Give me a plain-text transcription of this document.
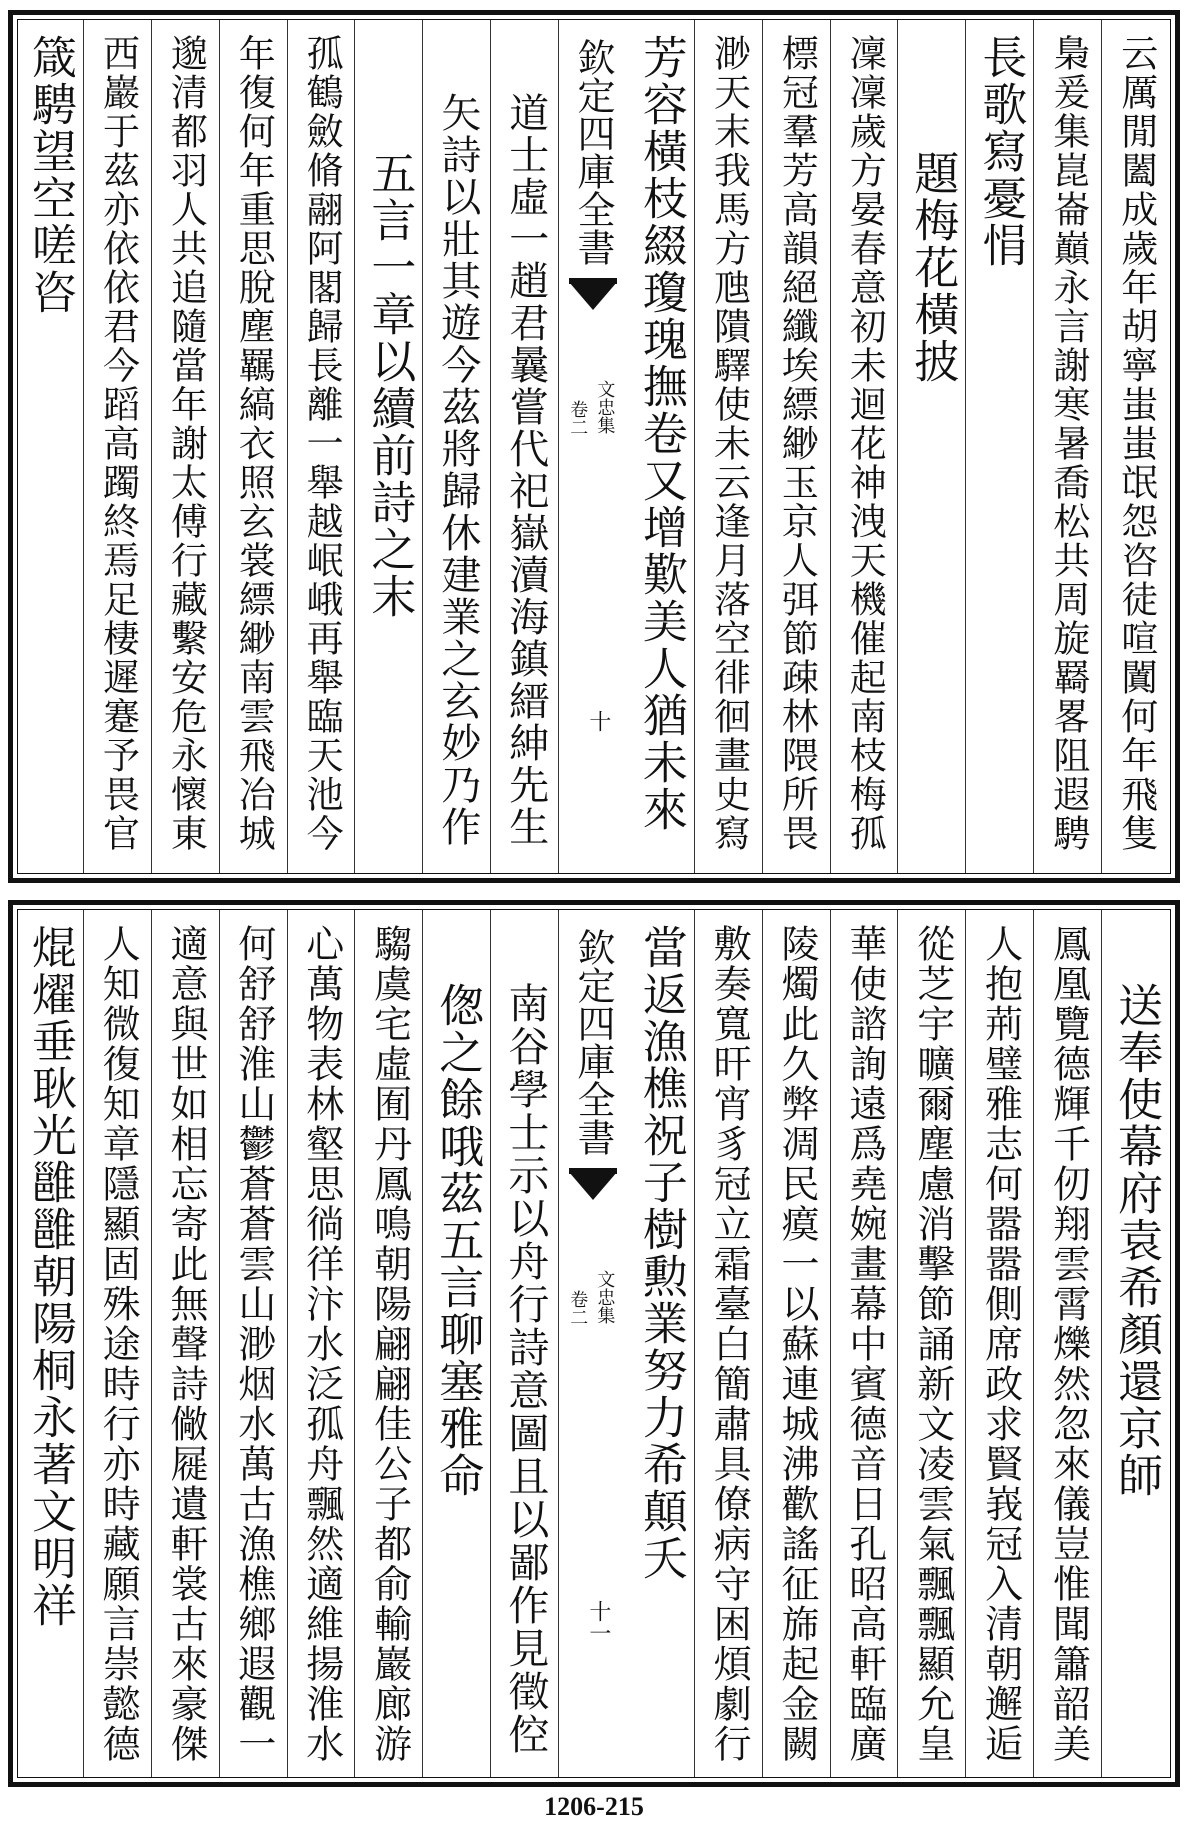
云厲閒闔成歲年胡寧蚩蚩氓怨咨徒喧闐何年飛隻
梟爰集崑崙巔永言謝寒暑喬松共周旋羇畧阻遐騁
長歌寫憂悁
題梅花橫披
凜凜歲方晏春意初未迴花神洩天機催起南枝梅孤
標冠羣芳高韻絕纖埃縹緲玉京人弭節疎林隈所畏
渺天末我馬方虺隤驛使未云逢月落空徘徊畫史寫
芳容橫枝綴瓊瑰撫卷又增歎美人猶未來
欽定四庫全書
文忠集
卷二
十
道士虛一趙君曩嘗代祀嶽瀆海鎮縉紳先生
矢詩以壯其遊今茲將歸休建業之玄妙乃作
五言一章以續前詩之末
孤鶴斂脩翮阿閣歸長離一舉越岷峨再舉臨天池今
年復何年重思脫塵羈縞衣照玄裳縹緲南雲飛冶城
邈清都羽人共追隨當年謝太傅行藏繫安危永懷東
西巖于茲亦依依君今蹈高躅終焉足棲遲蹇予畏官
箴騁望空嗟咨
送奉使幕府袁希顏還京師
鳳凰覽德輝千仞翔雲霄爍然忽來儀豈惟聞簫韶美
人抱荊璧雅志何嚣嚣側席政求賢峩冠入清朝邂逅
從芝宇曠爾塵慮消擊節誦新文凌雲氣飄飄顯允皇
華使諮詢遠爲堯婉畫幕中賓德音日孔昭高軒臨廣
陵燭此久弊凋民瘼一以蘇連城沸歡謠征旆起金闕
敷奏寬旰宵豸冠立霜臺白簡肅具僚病守困煩劇行
當返漁樵祝子樹勲業努力希顛夭
欽定四庫全書
文忠集
卷二
十一
南谷學士示以舟行詩意圖且以鄙作見徵倥
偬之餘哦茲五言聊塞雅命
騶虞宅虛囿丹鳳鳴朝陽翩翩佳公子都俞輸巖廊游
心萬物表林壑思徜徉汴水泛孤舟飄然適維揚淮水
何舒舒淮山鬱蒼蒼雲山渺烟水萬古漁樵鄉遐觀一
適意與世如相忘寄此無聲詩僘屣遺軒裳古來豪傑
人知微復知章隱顯固殊途時行亦時藏願言崇懿德
焜燿垂耿光雝雝朝陽桐永著文明祥
1206-215
